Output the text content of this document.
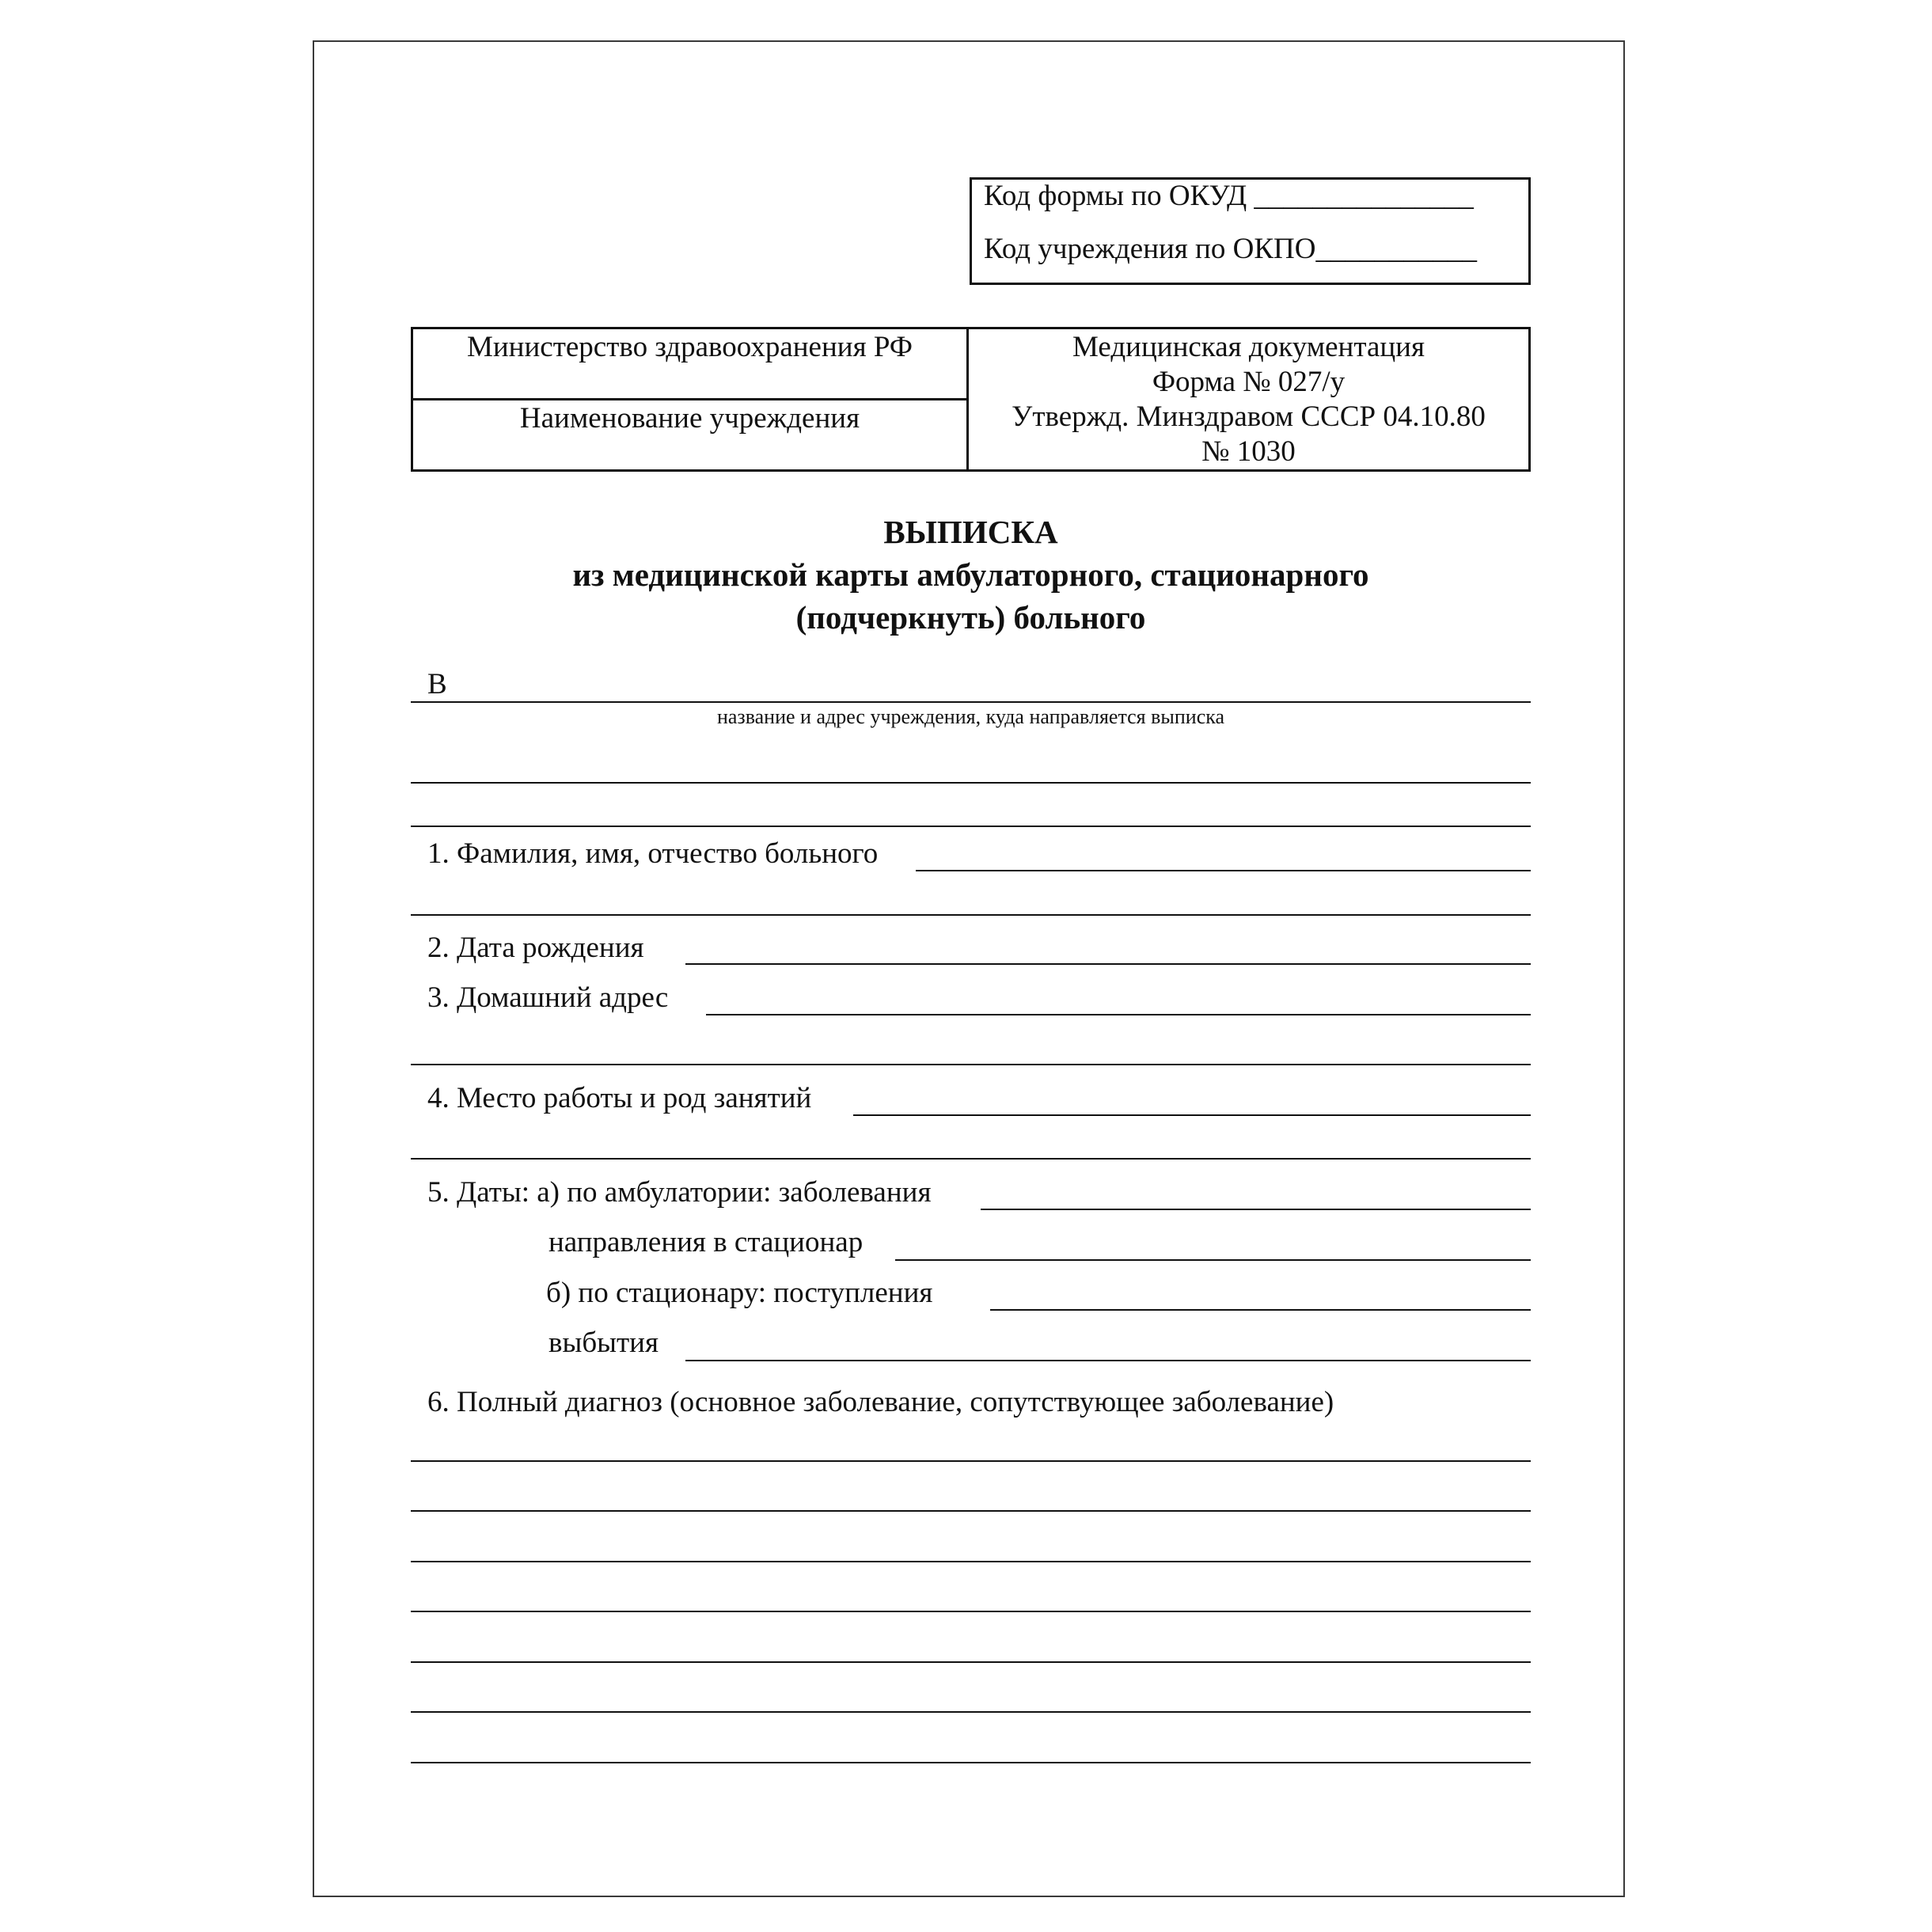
Код формы по ОКУД _______________
Код учреждения по ОКПО___________
Министерство здравоохранения РФ
Наименование учреждения
Медицинская документация
Форма № 027/у
Утвержд. Минздравом СССР 04.10.80
№ 1030
ВЫПИСКА
из медицинской карты амбулаторного, стационарного
(подчеркнуть) больного
В
название и адрес учреждения, куда направляется выписка
1. Фамилия, имя, отчество больного
2. Дата рождения
3. Домашний адрес
4. Место работы и род занятий
5. Даты: а) по амбулатории: заболевания
направления в стационар
б) по стационару: поступления
выбытия
6. Полный диагноз (основное заболевание, сопутствующее заболевание)
